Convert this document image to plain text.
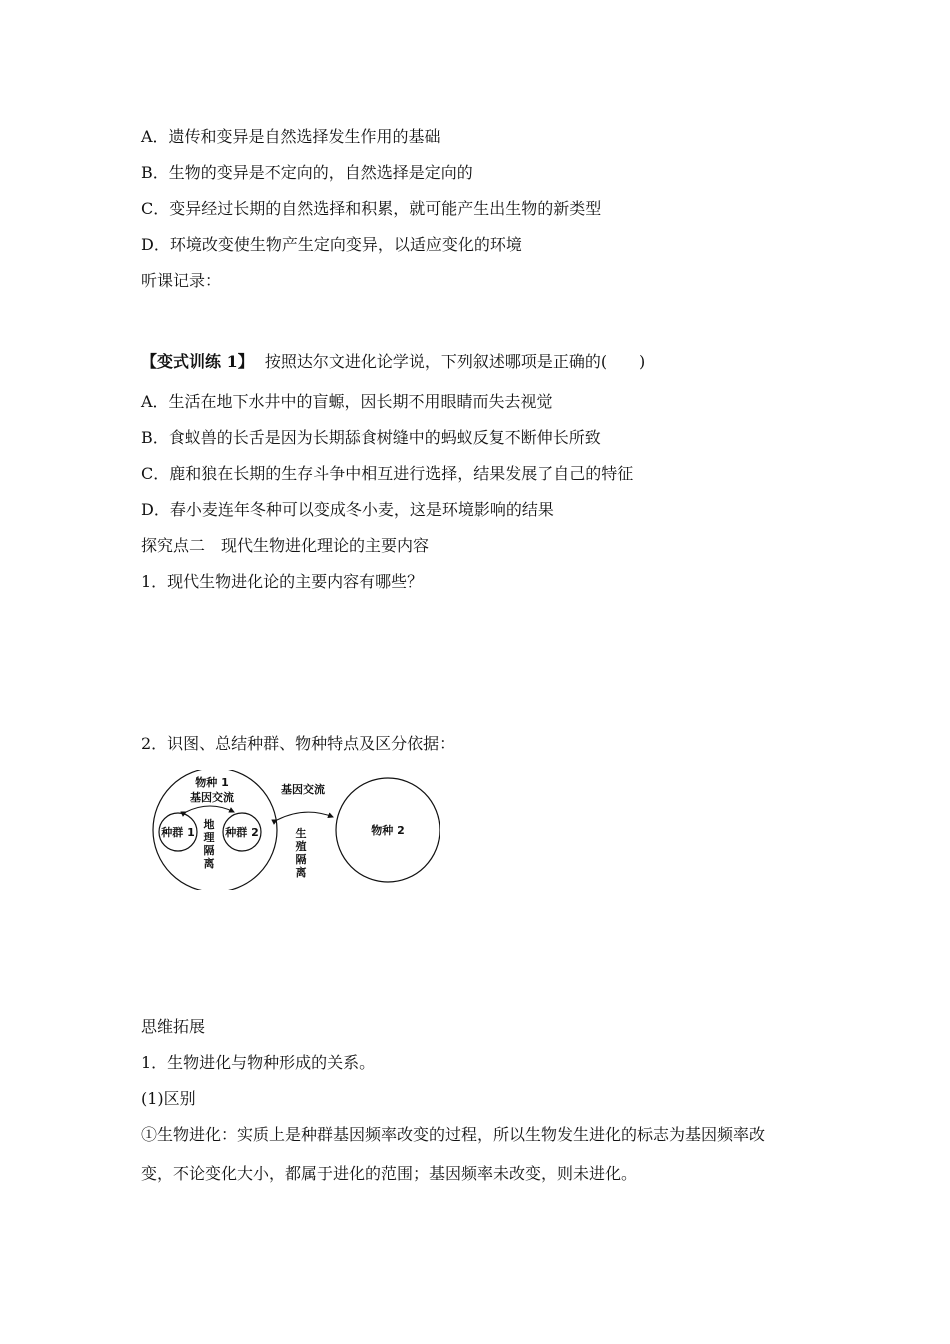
A．遗传和变异是自然选择发生作用的基础
B．生物的变异是不定向的，自然选择是定向的
C．变异经过长期的自然选择和积累，就可能产生出生物的新类型
D．环境改变使生物产生定向变异，以适应变化的环境
听课记录：
【变式训练 1】 按照达尔文进化论学说，下列叙述哪项是正确的(　　)
A．生活在地下水井中的盲螈，因长期不用眼睛而失去视觉
B．食蚁兽的长舌是因为长期舔食树缝中的蚂蚁反复不断伸长所致
C．鹿和狼在长期的生存斗争中相互进行选择，结果发展了自己的特征
D．春小麦连年冬种可以变成冬小麦，这是环境影响的结果
探究点二　现代生物进化理论的主要内容
1．现代生物进化论的主要内容有哪些？
2．识图、总结种群、物种特点及区分依据：
物种 1
基因交流
种群 1	种群 2
地
理
隔
离
基因交流
生
殖
隔
离
物种 2
思维拓展
1．生物进化与物种形成的关系。
(1)区别
①生物进化：实质上是种群基因频率改变的过程，所以生物发生进化的标志为基因频率改
变，不论变化大小，都属于进化的范围；基因频率未改变，则未进化。
